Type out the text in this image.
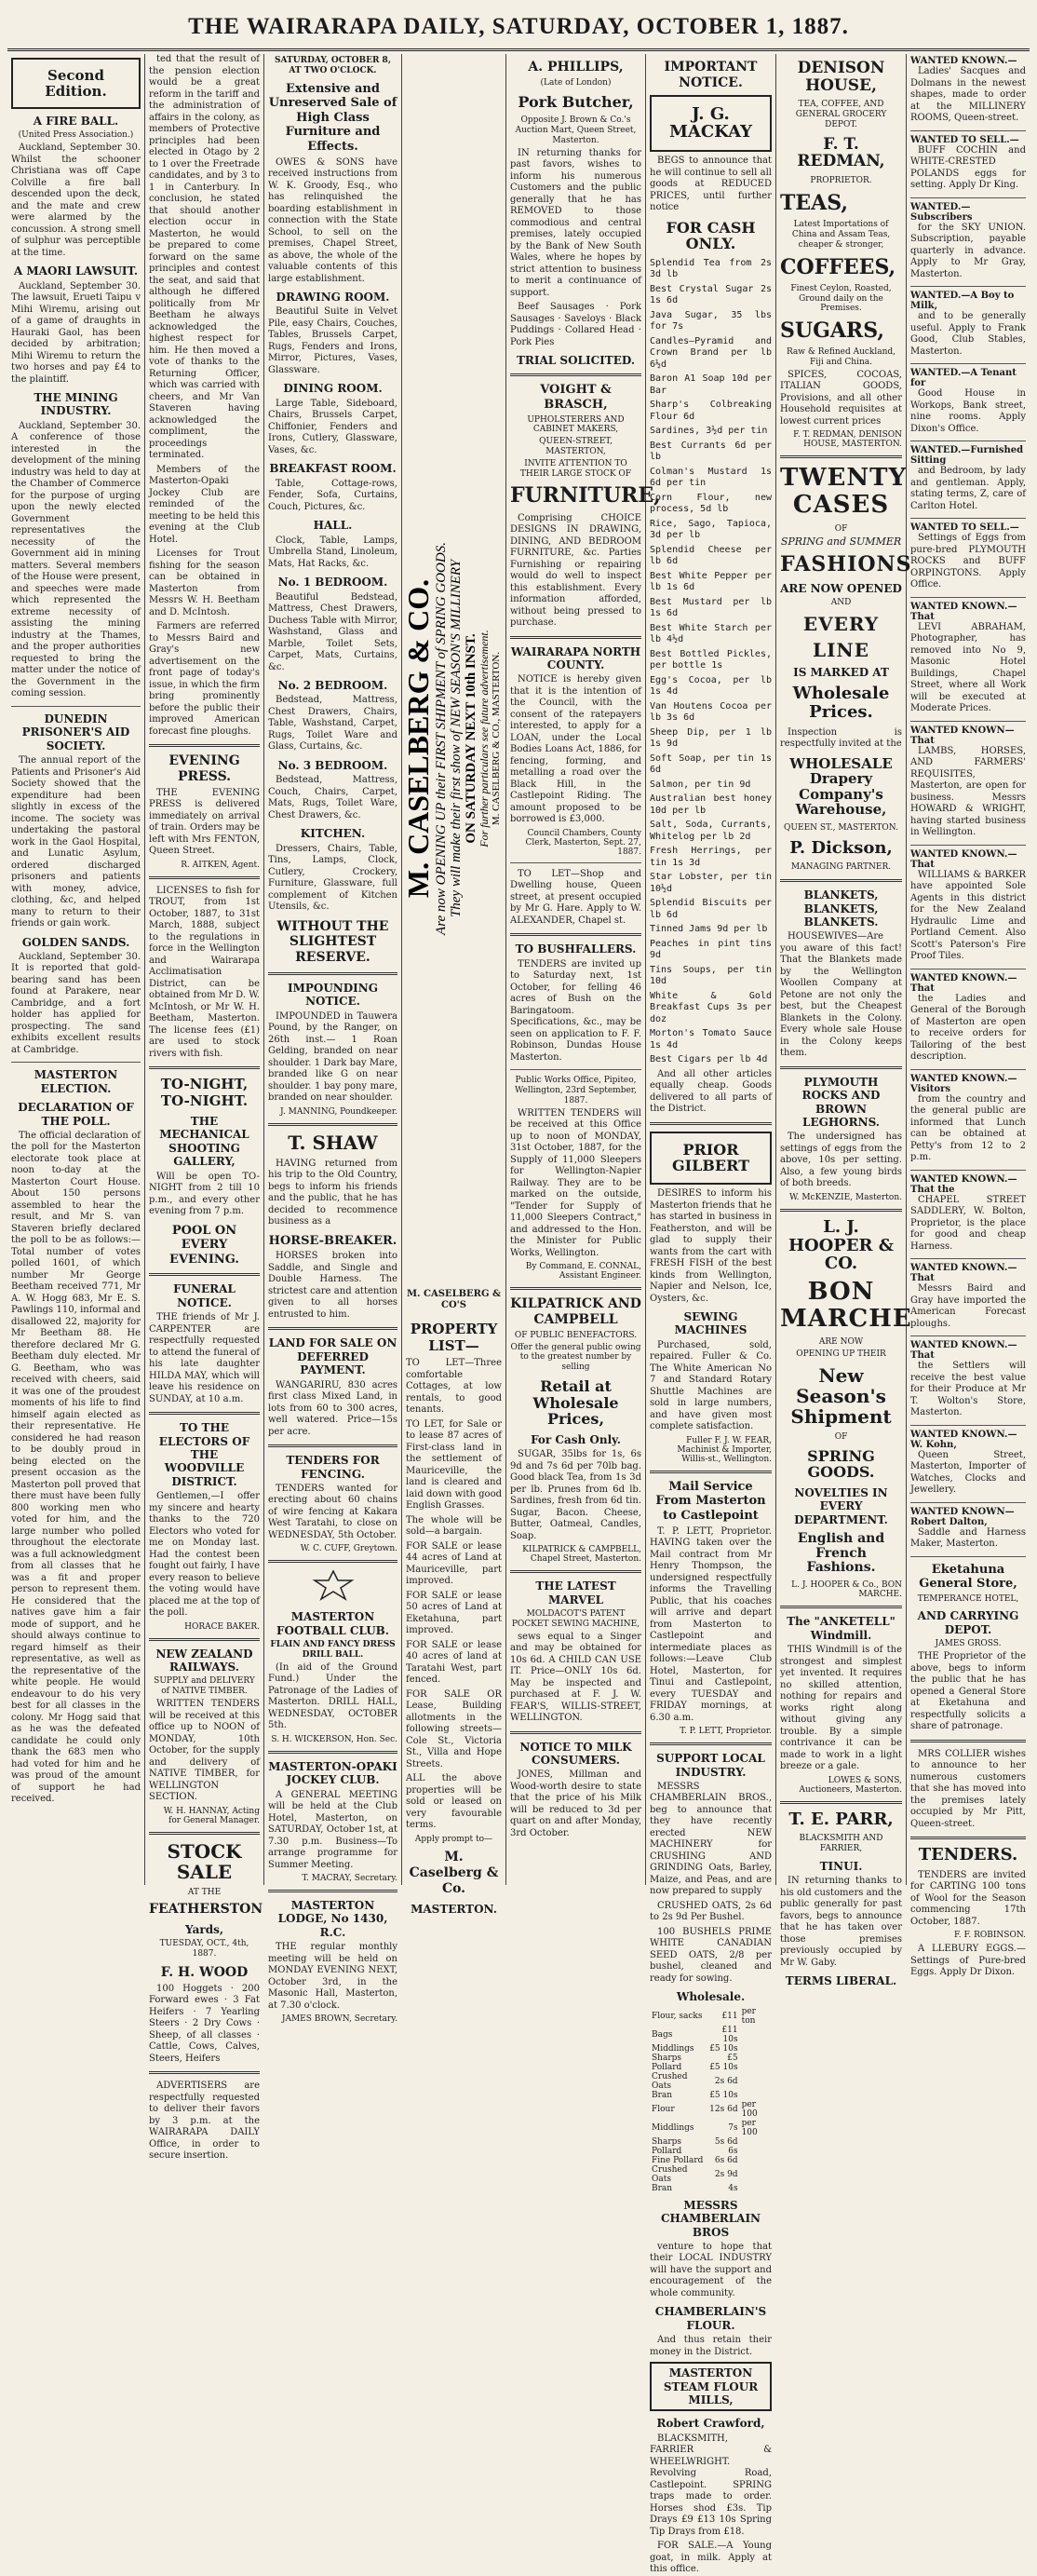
THE WAIRARAPA DAILY, SATURDAY, OCTOBER 1, 1887.
Second Edition.
A FIRE BALL.
(United Press Association.)

Auckland, September 30. Whilst the schooner Christiana was off Cape Colville a fire ball descended upon the deck, and the mate and crew were alarmed by the concussion. A strong smell of sulphur was perceptible at the time.

A MAORI LAWSUIT.

Auckland, September 30. The lawsuit, Erueti Taipu v Mihi Wiremu, arising out of a game of draughts in Hauraki Gaol, has been decided by arbitration; Mihi Wiremu to return the two horses and pay £4 to the plaintiff.

THE MINING INDUSTRY.

Auckland, September 30. A conference of those interested in the development of the mining industry was held to day at the Chamber of Commerce for the purpose of urging upon the newly elected Government representatives the necessity of the Government aid in mining matters. Several members of the House were present, and speeches were made which represented the extreme necessity of assisting the mining industry at the Thames, and the proper authorities requested to bring the matter under the notice of the Government in the coming session.

DUNEDIN PRISONER'S AID SOCIETY.

The annual report of the Patients and Prisoner's Aid Society showed that the expenditure had been slightly in excess of the income. The society was undertaking the pastoral work in the Gaol Hospital, and Lunatic Asylum, ordered discharged prisoners and patients with money, advice, clothing, &c, and helped many to return to their friends or gain work.

GOLDEN SANDS.

Auckland, September 30. It is reported that gold-bearing sand has been found at Parakere, near Cambridge, and a fort holder has applied for prospecting. The sand exhibits excellent results at Cambridge.

MASTERTON ELECTION.
DECLARATION OF THE POLL.

The official declaration of the poll for the Masterton electorate took place at noon to-day at the Masterton Court House. About 150 persons assembled to hear the result, and Mr S. van Staveren briefly declared the poll to be as follows:— Total number of votes polled 1601, of which number Mr George Beetham received 771, Mr A. W. Hogg 683, Mr E. S. Pawlings 110, informal and disallowed 22, majority for Mr Beetham 88. He therefore declared Mr G. Beetham duly elected. Mr G. Beetham, who was received with cheers, said it was one of the proudest moments of his life to find himself again elected as their representative. He considered he had reason to be doubly proud in being elected on the present occasion as the Masterton poll proved that there must have been fully 800 working men who voted for him, and the large number who polled throughout the electorate was a full acknowledgment from all classes that he was a fit and proper person to represent them. He considered that the natives gave him a fair mode of support, and he should always continue to regard himself as their representative, as well as the representative of the white people. He would endeavour to do his very best for all classes in the colony. Mr Hogg said that as he was the defeated candidate he could only thank the 683 men who had voted for him and he was proud of the amount of support he had received.

ted that the result of the pension election would be a great reform in the tariff and the administration of affairs in the colony, as members of Protective principles had been elected in Otago by 2 to 1 over the Freetrade candidates, and by 3 to 1 in Canterbury. In conclusion, he stated that should another election occur in Masterton, he would be prepared to come forward on the same principles and contest the seat, and said that although he differed politically from Mr Beetham he always acknowledged the highest respect for him. He then moved a vote of thanks to the Returning Officer, which was carried with cheers, and Mr Van Staveren having acknowledged the compliment, the proceedings terminated.

Members of the Masterton-Opaki Jockey Club are reminded of the meeting to be held this evening at the Club Hotel.

Licenses for Trout fishing for the season can be obtained in Masterton from Messrs W. H. Beetham and D. McIntosh.

Farmers are referred to Messrs Baird and Gray's new advertisement on the front page of today's issue, in which the firm bring prominently before the public their improved American forecast fine ploughs.

EVENING PRESS.

THE EVENING PRESS is delivered immediately on arrival of train. Orders may be left with Mrs FENTON, Queen Street.

R. AITKEN, Agent.

LICENSES to fish for TROUT, from 1st October, 1887, to 31st March, 1888, subject to the regulations in force in the Wellington and Wairarapa Acclimatisation District, can be obtained from Mr D. W. McIntosh, or Mr W. H. Beetham, Masterton. The license fees (£1) are used to stock rivers with fish.

TO-NIGHT, TO-NIGHT.
THE MECHANICAL SHOOTING GALLERY,

Will be open TO-NIGHT from 2 till 10 p.m., and every other evening from 7 p.m.

POOL ON EVERY EVENING.
FUNERAL NOTICE.

THE friends of Mr J. CARPENTER are respectfully requested to attend the funeral of his late daughter HILDA MAY, which will leave his residence on SUNDAY, at 10 a.m.

TO THE ELECTORS OF THE WOODVILLE DISTRICT.

Gentlemen,—I offer my sincere and hearty thanks to the 720 Electors who voted for me on Monday last. Had the contest been fought out fairly, I have every reason to believe the voting would have placed me at the top of the poll.

HORACE BAKER.
NEW ZEALAND RAILWAYS.
SUPPLY and DELIVERY of NATIVE TIMBER.

WRITTEN TENDERS will be received at this office up to NOON of MONDAY, 10th October, for the supply and delivery of NATIVE TIMBER, for WELLINGTON SECTION.

W. H. HANNAY, Acting for General Manager.
STOCK SALE
AT THE
FEATHERSTON
Yards,
TUESDAY, OCT., 4th, 1887.
F. H. WOOD

100 Hoggets · 200 Forward ewes · 3 Fat Heifers · 7 Yearling Steers · 2 Dry Cows · Sheep, of all classes · Cattle, Cows, Calves, Steers, Heifers

ADVERTISERS are respectfully requested to deliver their favors by 3 p.m. at the WAIRARAPA DAILY Office, in order to secure insertion.

SATURDAY, OCTOBER 8, AT TWO O'CLOCK.
Extensive and Unreserved Sale of High Class Furniture and Effects.

OWES & SONS have received instructions from W. K. Groody, Esq., who has relinquished the boarding establishment in connection with the State School, to sell on the premises, Chapel Street, as above, the whole of the valuable contents of this large establishment.

DRAWING ROOM.

Beautiful Suite in Velvet Pile, easy Chairs, Couches, Tables, Brussels Carpet, Rugs, Fenders and Irons, Mirror, Pictures, Vases, Glassware.

DINING ROOM.

Large Table, Sideboard, Chairs, Brussels Carpet, Chiffonier, Fenders and Irons, Cutlery, Glassware, Vases, &c.

BREAKFAST ROOM.

Table, Cottage-rows, Fender, Sofa, Curtains, Couch, Pictures, &c.

HALL.

Clock, Table, Lamps, Umbrella Stand, Linoleum, Mats, Hat Racks, &c.

No. 1 BEDROOM.

Beautiful Bedstead, Mattress, Chest Drawers, Duchess Table with Mirror, Washstand, Glass and Marble, Toilet Sets, Carpet, Mats, Curtains, &c.

No. 2 BEDROOM.

Bedstead, Mattress, Chest Drawers, Chairs, Table, Washstand, Carpet, Rugs, Toilet Ware and Glass, Curtains, &c.

No. 3 BEDROOM.

Bedstead, Mattress, Couch, Chairs, Carpet, Mats, Rugs, Toilet Ware, Chest Drawers, &c.

KITCHEN.

Dressers, Chairs, Table, Tins, Lamps, Clock, Cutlery, Crockery, Furniture, Glassware, full complement of Kitchen Utensils, &c.

WITHOUT THE SLIGHTEST RESERVE.
IMPOUNDING NOTICE.

IMPOUNDED in Tauwera Pound, by the Ranger, on 26th inst.— 1 Roan Gelding, branded on near shoulder. 1 Dark bay Mare, branded like G on near shoulder. 1 bay pony mare, branded on near shoulder.

J. MANNING, Poundkeeper.
T. SHAW

HAVING returned from his trip to the Old Country, begs to inform his friends and the public, that he has decided to recommence business as a

HORSE-BREAKER.

HORSES broken into Saddle, and Single and Double Harness. The strictest care and attention given to all horses entrusted to him.

LAND FOR SALE ON DEFERRED PAYMENT.

WANGARIRU, 830 acres first class Mixed Land, in lots from 60 to 300 acres, well watered. Price—15s per acre.

TENDERS FOR FENCING.

TENDERS wanted for erecting about 60 chains of wire fencing at Kakara West Taratahi, to close on WEDNESDAY, 5th October.

W. C. CUFF, Greytown.
MASTERTON FOOTBALL CLUB.
FLAIN AND FANCY DRESS DRILL BALL.

(In aid of the Ground Fund.) Under the Patronage of the Ladies of Masterton. DRILL HALL, WEDNESDAY, OCTOBER 5th.

S. H. WICKERSON, Hon. Sec.
MASTERTON-OPAKI JOCKEY CLUB.

A GENERAL MEETING will be held at the Club Hotel, Masterton, on SATURDAY, October 1st, at 7.30 p.m. Business—To arrange programme for Summer Meeting.

T. MACRAY, Secretary.
MASTERTON LODGE, No 1430, R.C.

THE regular monthly meeting will be held on MONDAY EVENING NEXT, October 3rd, in the Masonic Hall, Masterton, at 7.30 o'clock.

JAMES BROWN, Secretary.
M. CASELBERG & CO. Are now OPENING UP their FIRST SHIPMENT of SPRING GOODS. They will make their first show of NEW SEASON'S MILLINERY ON SATURDAY NEXT 10th INST. For further particulars see future advertisement. M. CASELBERG & CO., MASTERTON.
M. CASELBERG & CO'S
PROPERTY LIST—

TO LET—Three comfortable Cottages, at low rentals, to good tenants.

TO LET, for Sale or to lease 87 acres of First-class land in the settlement of Mauriceville, the land is cleared and laid down with good English Grasses.

The whole will be sold—a bargain.

FOR SALE or lease 44 acres of Land at Mauriceville, part improved.

FOR SALE or lease 50 acres of Land at Eketahuna, part improved.

FOR SALE or lease 40 acres of land at Taratahi West, part fenced.

FOR SALE OR Lease, Building allotments in the following streets—Cole St., Victoria St., Villa and Hope Streets.

ALL the above properties will be sold or leased on very favourable terms.

Apply prompt to—
M. Caselberg & Co.
MASTERTON.
A. PHILLIPS,
(Late of London)
Pork Butcher,
Opposite J. Brown & Co.'s Auction Mart, Queen Street, Masterton.

IN returning thanks for past favors, wishes to inform his numerous Customers and the public generally that he has REMOVED to those commodious and central premises, lately occupied by the Bank of New South Wales, where he hopes by strict attention to business to merit a continuance of support.

Beef Sausages · Pork Sausages · Saveloys · Black Puddings · Collared Head · Pork Pies

TRIAL SOLICITED.
VOIGHT & BRASCH,
UPHOLSTERERS AND CABINET MAKERS,
QUEEN-STREET, MASTERTON,
INVITE ATTENTION TO THEIR LARGE STOCK OF
FURNITURE,

Comprising CHOICE DESIGNS IN DRAWING, DINING, AND BEDROOM FURNITURE, &c. Parties Furnishing or repairing would do well to inspect this establishment. Every information afforded, without being pressed to purchase.

WAIRARAPA NORTH COUNTY.

NOTICE is hereby given that it is the intention of the Council, with the consent of the ratepayers interested, to apply for a LOAN, under the Local Bodies Loans Act, 1886, for fencing, forming, and metalling a road over the Black Hill, in the Castlepoint Riding. The amount proposed to be borrowed is £3,000.

Council Chambers, County Clerk, Masterton, Sept. 27, 1887.

TO LET—Shop and Dwelling house, Queen street, at present occupied by Mr G. Hare. Apply to W. ALEXANDER, Chapel st.

TO BUSHFALLERS.

TENDERS are invited up to Saturday next, 1st October, for felling 46 acres of Bush on the Baringatoom. Specifications, &c., may be seen on application to F. F. Robinson, Dundas House Masterton.

Public Works Office, Pipiteo, Wellington, 23rd September, 1887.

WRITTEN TENDERS will be received at this Office up to noon of MONDAY, 31st October, 1887, for the Supply of 11,000 Sleepers for Wellington-Napier Railway. They are to be marked on the outside, "Tender for Supply of 11,000 Sleepers Contract," and addressed to the Hon. the Minister for Public Works, Wellington.

By Command, E. CONNAL, Assistant Engineer.
KILPATRICK AND CAMPBELL
OF PUBLIC BENEFACTORS.
Offer the general public owing to the greatest number by selling
Retail at Wholesale Prices,
For Cash Only.

SUGAR, 35lbs for 1s, 6s 9d and 7s 6d per 70lb bag. Good black Tea, from 1s 3d per lb. Prunes from 6d lb. Sardines, fresh from 6d tin. Sugar, Bacon. Cheese, Butter, Oatmeal, Candles, Soap.

KILPATRICK & CAMPBELL, Chapel Street, Masterton.
THE LATEST MARVEL
MOLDACOT'S PATENT POCKET SEWING MACHINE,

sews equal to a Singer and may be obtained for 10s 6d. A CHILD CAN USE IT. Price—ONLY 10s 6d. May be inspected and purchased at F. J. W. FEAR'S, WILLIS-STREET, WELLINGTON.

NOTICE TO MILK CONSUMERS.

JONES, Millman and Wood-worth desire to state that the price of his Milk will be reduced to 3d per quart on and after Monday, 3rd October.

IMPORTANT NOTICE.
J. G. MACKAY

BEGS to announce that he will continue to sell all goods at REDUCED PRICES, until further notice

FOR CASH ONLY.

Splendid Tea from 2s 3d lb

Best Crystal Sugar 2s 1s 6d

Java Sugar, 35 lbs for 7s

Candles—Pyramid and Crown Brand per lb 6½d

Baron A1 Soap 10d per Bar

Sharp's Colbreaking Flour 6d

Sardines, 3½d per tin

Best Currants 6d per lb

Colman's Mustard 1s 6d per tin

Corn Flour, new process, 5d lb

Rice, Sago, Tapioca, 3d per lb

Splendid Cheese per lb 6d

Best White Pepper per lb 1s 6d

Best Mustard per lb 1s 6d

Best White Starch per lb 4½d

Best Bottled Pickles, per bottle 1s

Egg's Cocoa, per lb 1s 4d

Van Houtens Cocoa per lb 3s 6d

Sheep Dip, per 1 lb 1s 9d

Soft Soap, per tin 1s 6d

Salmon, per tin 9d

Australian best honey 10d per lb

Salt, Soda, Currants, Whitelog per lb 2d

Fresh Herrings, per tin 1s 3d

Star Lobster, per tin 10½d

Splendid Biscuits per lb 6d

Tinned Jams 9d per lb

Peaches in pint tins 9d

Tins Soups, per tin 10d

White & Gold Breakfast Cups 3s per doz

Morton's Tomato Sauce 1s 4d

Best Cigars per lb 4d

And all other articles equally cheap. Goods delivered to all parts of the District.

PRIOR GILBERT

DESIRES to inform his Masterton friends that he has started in business in Featherston, and will be glad to supply their wants from the cart with FRESH FISH of the best kinds from Wellington, Napier and Nelson, Ice, Oysters, &c.

SEWING MACHINES

Purchased, sold, repaired. Fuller & Co. The White American No 7 and Standard Rotary Shuttle Machines are sold in large numbers, and have given most complete satisfaction.

Fuller F. J. W. FEAR, Machinist & Importer, Willis-st., Wellington.
Mail Service From Masterton to Castlepoint

T. P. LETT, Proprietor. HAVING taken over the Mail contract from Mr Henry Thompson, the undersigned respectfully informs the Travelling Public, that his coaches will arrive and depart from Masterton to Castlepoint and intermediate places as follows:—Leave Club Hotel, Masterton, for Tinui and Castlepoint, every TUESDAY and FRIDAY mornings, at 6.30 a.m.

T. P. LETT, Proprietor.
SUPPORT LOCAL INDUSTRY.

MESSRS CHAMBERLAIN BROS., beg to announce that they have recently erected NEW MACHINERY for CRUSHING AND GRINDING Oats, Barley, Maize, and Peas, and are now prepared to supply

CRUSHED OATS, 2s 6d to 2s 9d Per Bushel.

100 BUSHELS PRIME WHITE CANADIAN SEED OATS, 2/8 per bushel, cleaned and ready for sowing.

Wholesale.
Flour, sacks	£11	per ton
Bags	£11 10s	
Middlings	£5 10s	
Sharps	£5	
Pollard	£5 10s	
Crushed Oats	2s 6d	
Bran	£5 10s	
Flour	12s 6d	per 100
Middlings	7s	per 100
Sharps	5s 6d	
Pollard	6s	
Fine Pollard	6s 6d	
Crushed Oats	2s 9d	
Bran	4s	
MESSRS CHAMBERLAIN BROS

venture to hope that their LOCAL INDUSTRY will have the support and encouragement of the whole community.

CHAMBERLAIN'S FLOUR.

And thus retain their money in the District.

MASTERTON STEAM FLOUR MILLS,
Robert Crawford,

BLACKSMITH, FARRIER & WHEELWRIGHT. Revolving Road, Castlepoint. SPRING traps made to order. Horses shod £3s. Tip Drays £9 £13 10s Spring Tip Drays from £18.

FOR SALE.—A Young goat, in milk. Apply at this office.

DENISON HOUSE,
TEA, COFFEE, AND GENERAL GROCERY DEPOT.
F. T. REDMAN,
PROPRIETOR.
TEAS,
Latest Importations of China and Assam Teas, cheaper & stronger,
COFFEES,
Finest Ceylon, Roasted, Ground daily on the Premises.
SUGARS,
Raw & Refined Auckland, Fiji and China.

SPICES, COCOAS, ITALIAN GOODS, Provisions, and all other Household requisites at lowest current prices

F. T. REDMAN, DENISON HOUSE, MASTERTON.
TWENTY CASES
OF
SPRING and SUMMER
FASHIONS
ARE NOW OPENED
AND
EVERY
LINE
IS MARKED AT
Wholesale Prices.

Inspection is respectfully invited at the

WHOLESALE Drapery Company's Warehouse,
QUEEN ST., MASTERTON.
P. Dickson,
MANAGING PARTNER.
BLANKETS, BLANKETS, BLANKETS.

HOUSEWIVES—Are you aware of this fact! That the Blankets made by the Wellington Woollen Company at Petone are not only the best, but the Cheapest Blankets in the Colony. Every whole sale House in the Colony keeps them.

PLYMOUTH ROCKS AND BROWN LEGHORNS.

The undersigned has settings of eggs from the above, 10s per setting. Also, a few young birds of both breeds.

W. McKENZIE, Masterton.
L. J. HOOPER & CO.
BON MARCHE
ARE NOW
OPENING UP THEIR
New Season's Shipment
OF
SPRING GOODS.
NOVELTIES IN EVERY DEPARTMENT.
English and French Fashions.
L. J. HOOPER & Co., BON MARCHE.
The "ANKETELL" Windmill.

THIS Windmill is of the strongest and simplest yet invented. It requires no skilled attention, nothing for repairs and works right along without giving any trouble. By a simple contrivance it can be made to work in a light breeze or a gale.

LOWES & SONS, Auctioneers, Masterton.
T. E. PARR,
BLACKSMITH AND FARRIER,
TINUI.

IN returning thanks to his old customers and the public generally for past favors, begs to announce that he has taken over those premises previously occupied by Mr W. Gaby.

TERMS LIBERAL.
WANTED KNOWN.—

Ladies' Sacques and Dolmans in the newest shapes, made to order at the MILLINERY ROOMS, Queen-street.

WANTED TO SELL.—

BUFF COCHIN and WHITE-CRESTED POLANDS eggs for setting. Apply Dr King.

WANTED.—Subscribers

for the SKY UNION. Subscription, payable quarterly in advance. Apply to Mr Gray, Masterton.

WANTED.—A Boy to Milk,

and to be generally useful. Apply to Frank Good, Club Stables, Masterton.

WANTED.—A Tenant for

Good House in Workops, Bank street, nine rooms. Apply Dixon's Office.

WANTED.—Furnished Sitting

and Bedroom, by lady and gentleman. Apply, stating terms, Z, care of Carlton Hotel.

WANTED TO SELL.—

Settings of Eggs from pure-bred PLYMOUTH ROCKS and BUFF ORPINGTONS. Apply Office.

WANTED KNOWN.—That

LEVI ABRAHAM, Photographer, has removed into No 9, Masonic Hotel Buildings, Chapel Street, where all Work will be executed at Moderate Prices.

WANTED KNOWN—That

LAMBS, HORSES, AND FARMERS' REQUISITES, Masterton, are open for business. Messrs HOWARD & WRIGHT, having started business in Wellington.

WANTED KNOWN.—That

WILLIAMS & BARKER have appointed Sole Agents in this district for the New Zealand Hydraulic Lime and Portland Cement. Also Scott's Paterson's Fire Proof Tiles.

WANTED KNOWN.—That

the Ladies and General of the Borough of Masterton are open to receive orders for Tailoring of the best description.

WANTED KNOWN.—Visitors

from the country and the general public are informed that Lunch can be obtained at Petty's from 12 to 2 p.m.

WANTED KNOWN.—That the

CHAPEL STREET SADDLERY, W. Bolton, Proprietor, is the place for good and cheap Harness.

WANTED KNOWN.—That

Messrs Baird and Gray have imported the American Forecast ploughs.

WANTED KNOWN.—That

the Settlers will receive the best value for their Produce at Mr T. Wolton's Store, Masterton.

WANTED KNOWN.—W. Kohn,

Queen Street, Masterton, Importer of Watches, Clocks and Jewellery.

WANTED KNOWN—Robert Dalton,

Saddle and Harness Maker, Masterton.

Eketahuna General Store,
TEMPERANCE HOTEL,
AND CARRYING DEPOT.
JAMES GROSS.

THE Proprietor of the above, begs to inform the public that he has opened a General Store at Eketahuna and respectfully solicits a share of patronage.

MRS COLLIER wishes to announce to her numerous customers that she has moved into the premises lately occupied by Mr Pitt, Queen-street.

TENDERS.

TENDERS are invited for CARTING 100 tons of Wool for the Season commencing 17th October, 1887.

F. F. ROBINSON.

A LLEBURY EGGS.—Settings of Pure-bred Eggs. Apply Dr Dixon.
